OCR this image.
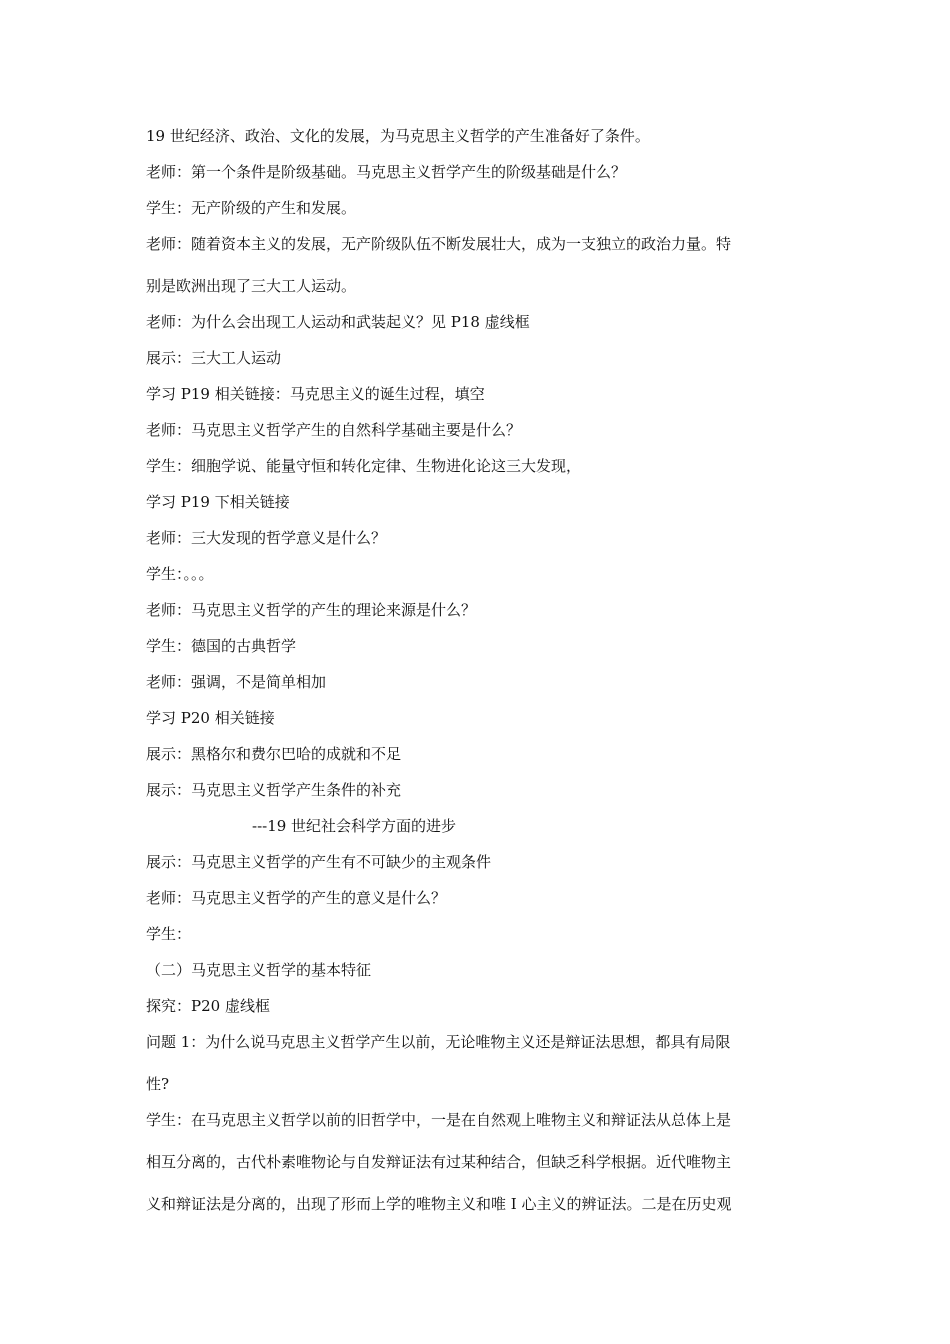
19 世纪经济、政治、文化的发展，为马克思主义哲学的产生准备好了条件。
老师：第一个条件是阶级基础。马克思主义哲学产生的阶级基础是什么？
学生：无产阶级的产生和发展。
老师：随着资本主义的发展，无产阶级队伍不断发展壮大，成为一支独立的政治力量。特
别是欧洲出现了三大工人运动。
老师：为什么会出现工人运动和武装起义？见 P18 虚线框
展示：三大工人运动
学习 P19 相关链接：马克思主义的诞生过程，填空
老师：马克思主义哲学产生的自然科学基础主要是什么？
学生：细胞学说、能量守恒和转化定律、生物进化论这三大发现，
学习 P19 下相关链接
老师：三大发现的哲学意义是什么？
学生：。。。
老师：马克思主义哲学的产生的理论来源是什么？
学生：德国的古典哲学
老师：强调，不是简单相加
学习 P20 相关链接
展示：黑格尔和费尔巴哈的成就和不足
展示：马克思主义哲学产生条件的补充
---19 世纪社会科学方面的进步
展示：马克思主义哲学的产生有不可缺少的主观条件
老师：马克思主义哲学的产生的意义是什么？
学生：
（二）马克思主义哲学的基本特征
探究：P20 虚线框
问题 1：为什么说马克思主义哲学产生以前，无论唯物主义还是辩证法思想，都具有局限
性?
学生：在马克思主义哲学以前的旧哲学中，一是在自然观上唯物主义和辩证法从总体上是
相互分离的，古代朴素唯物论与自发辩证法有过某种结合，但缺乏科学根据。近代唯物主
义和辩证法是分离的，出现了形而上学的唯物主义和唯 I 心主义的辨证法。二是在历史观
